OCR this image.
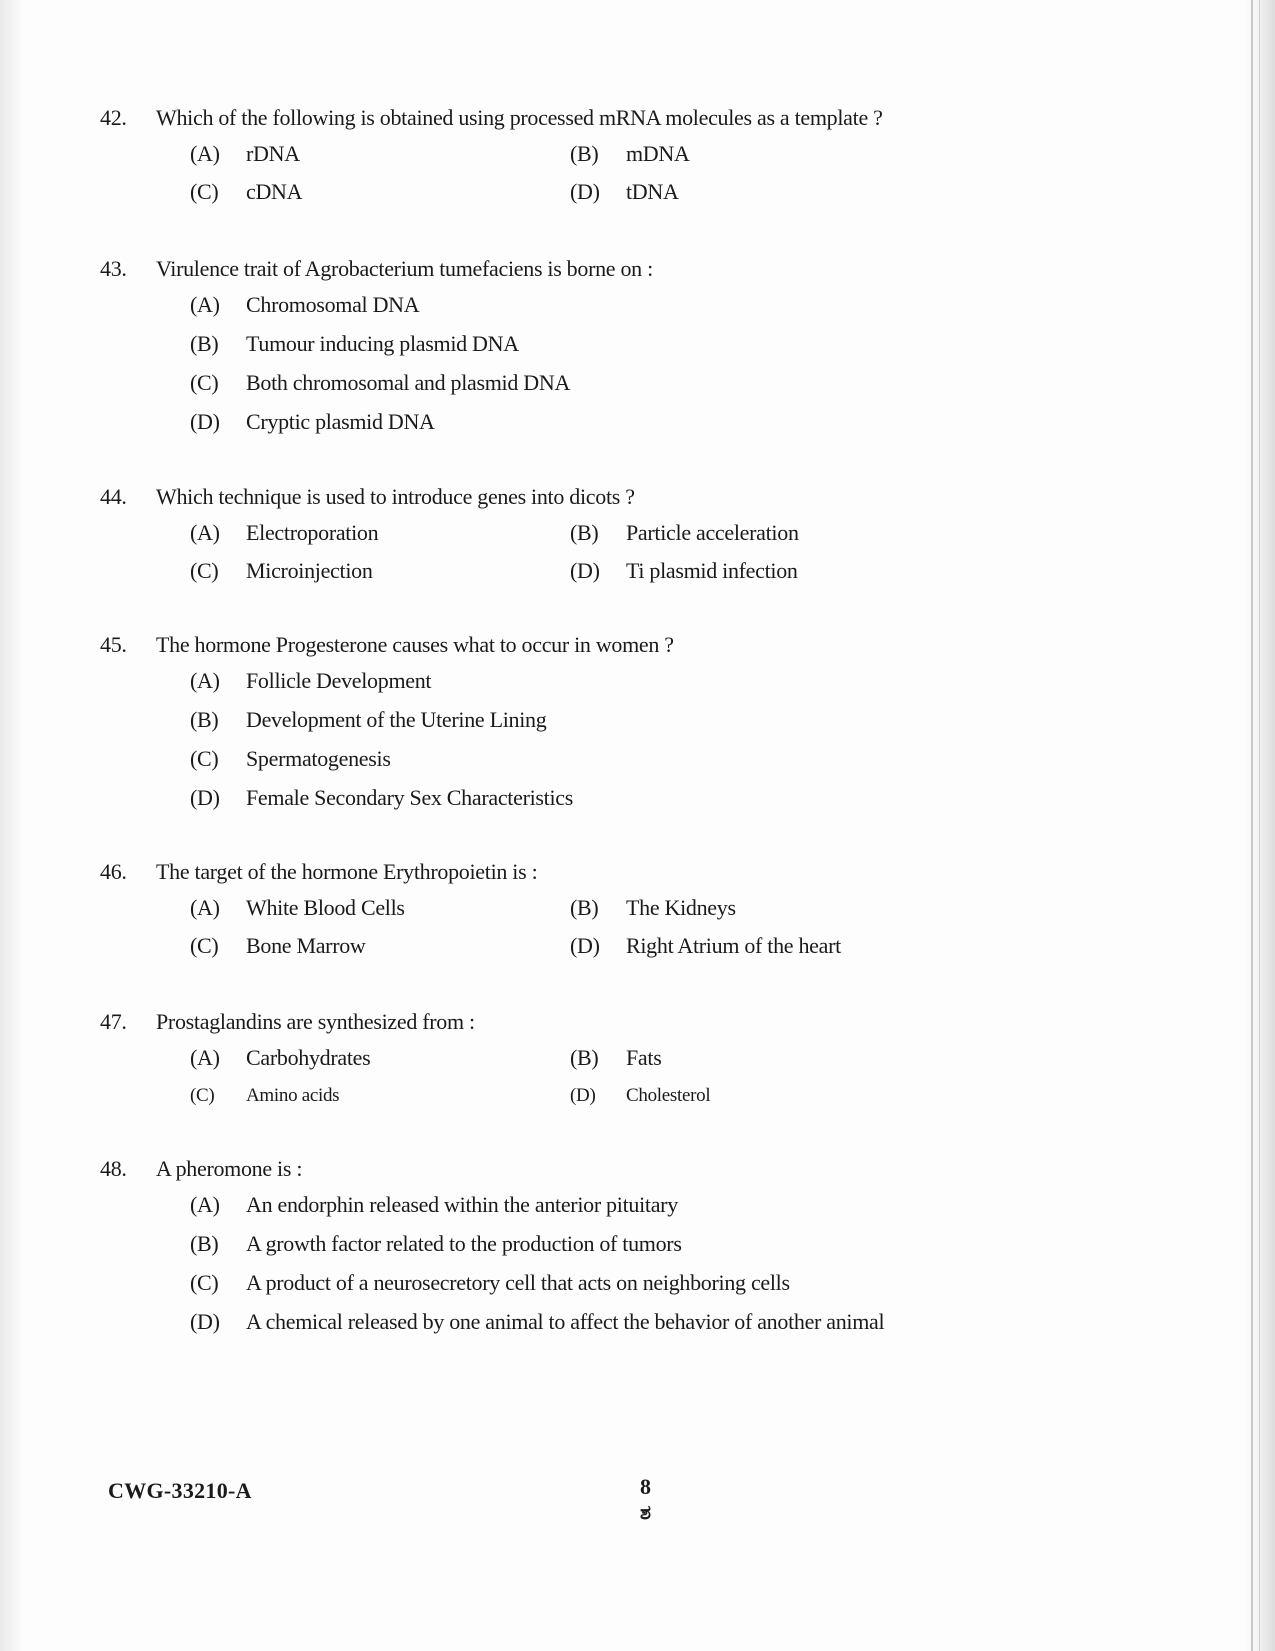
42.	Which of the following is obtained using processed mRNA molecules as a template ?
(A)	rDNA	(B)	mDNA
(C)	cDNA	(D)	tDNA
43.	Virulence trait of Agrobacterium tumefaciens is borne on :
(A)	Chromosomal DNA
(B)	Tumour inducing plasmid DNA
(C)	Both chromosomal and plasmid DNA
(D)	Cryptic plasmid DNA
44.	Which technique is used to introduce genes into dicots ?
(A)	Electroporation	(B)	Particle acceleration
(C)	Microinjection	(D)	Ti plasmid infection
45.	The hormone Progesterone causes what to occur in women ?
(A)	Follicle Development
(B)	Development of the Uterine Lining
(C)	Spermatogenesis
(D)	Female Secondary Sex Characteristics
46.	The target of the hormone Erythropoietin is :
(A)	White Blood Cells	(B)	The Kidneys
(C)	Bone Marrow	(D)	Right Atrium of the heart
47.	Prostaglandins are synthesized from :
(A)	Carbohydrates	(B)	Fats
(C)	Amino acids	(D)	Cholesterol
48.	A pheromone is :
(A)	An endorphin released within the anterior pituitary
(B)	A growth factor related to the production of tumors
(C)	A product of a neurosecretory cell that acts on neighboring cells
(D)	A chemical released by one animal to affect the behavior of another animal
CWG-33210-A	8
ಶ
